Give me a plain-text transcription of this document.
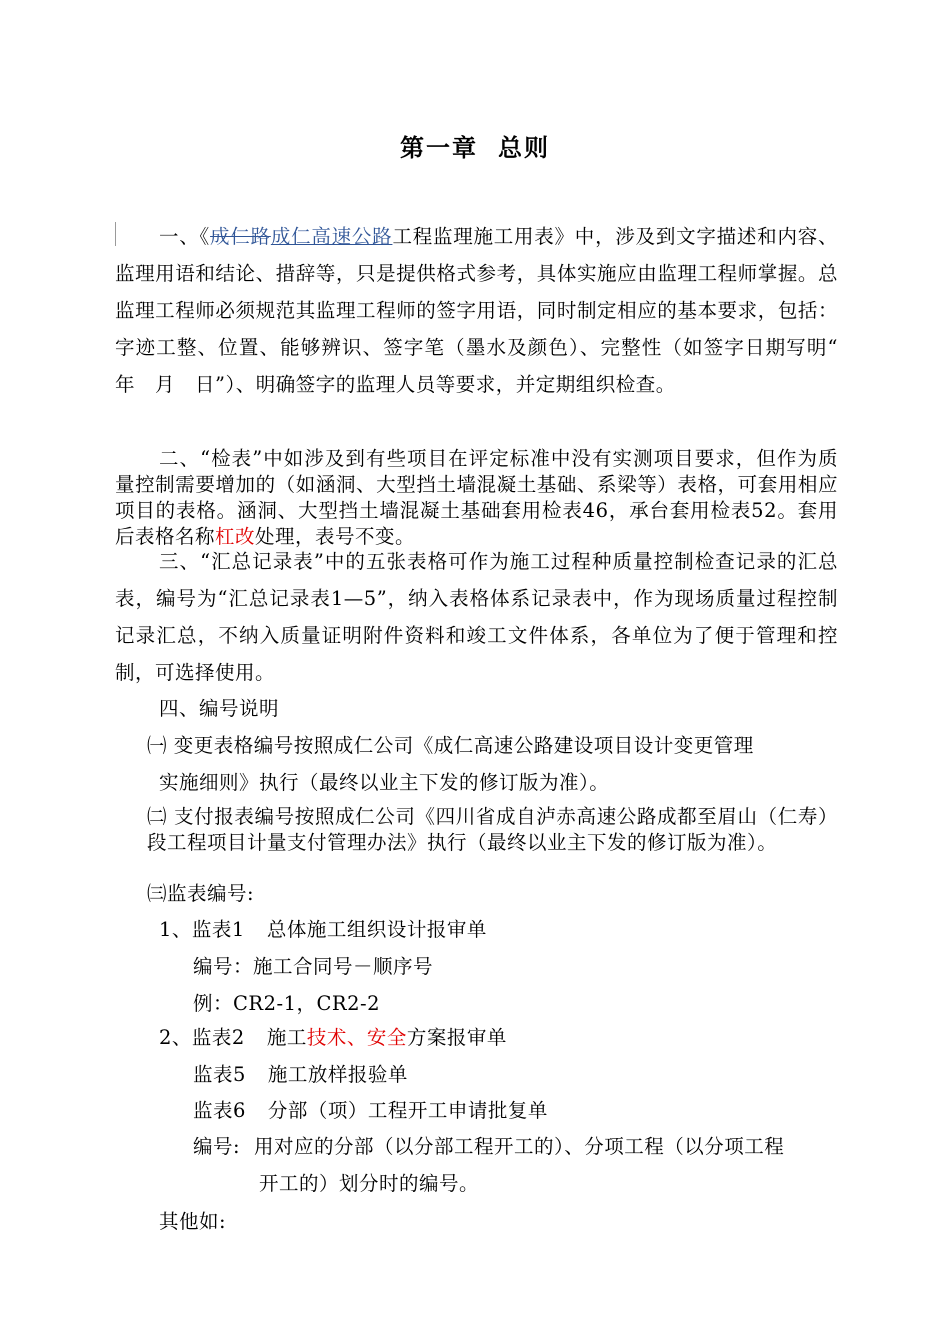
第一章 总则
一、《成仁路成仁高速公路工程监理施工用表》中，涉及到文字描述和内容、监理用语和结论、措辞等，只是提供格式参考，具体实施应由监理工程师掌握。总监理工程师必须规范其监理工程师的签字用语，同时制定相应的基本要求，包括：字迹工整、位置、能够辨识、签字笔（墨水及颜色）、完整性（如签字日期写明“　年　月　日”）、明确签字的监理人员等要求，并定期组织检查。
二、“检表”中如涉及到有些项目在评定标准中没有实测项目要求，但作为质量控制需要增加的（如涵洞、大型挡土墙混凝土基础、系梁等）表格，可套用相应项目的表格。涵洞、大型挡土墙混凝土基础套用检表46，承台套用检表52。套用后表格名称杠改处理，表号不变。
三、“汇总记录表”中的五张表格可作为施工过程种质量控制检查记录的汇总表，编号为“汇总记录表1—5”，纳入表格体系记录表中，作为现场质量过程控制记录汇总，不纳入质量证明附件资料和竣工文件体系，各单位为了便于管理和控制，可选择使用。
四、编号说明
㈠ 变更表格编号按照成仁公司《成仁高速公路建设项目设计变更管理
实施细则》执行（最终以业主下发的修订版为准）。
㈡ 支付报表编号按照成仁公司《四川省成自泸赤高速公路成都至眉山（仁寿）段工程项目计量支付管理办法》执行（最终以业主下发的修订版为准）。
㈢监表编号:
1、监表1 总体施工组织设计报审单
编号：施工合同号－顺序号
例：CR2-1，CR2-2
2、监表2 施工技术、安全方案报审单
监表5 施工放样报验单
监表6 分部（项）工程开工申请批复单
编号: 用对应的分部（以分部工程开工的）、分项工程（以分项工程
开工的）划分时的编号。
其他如:
